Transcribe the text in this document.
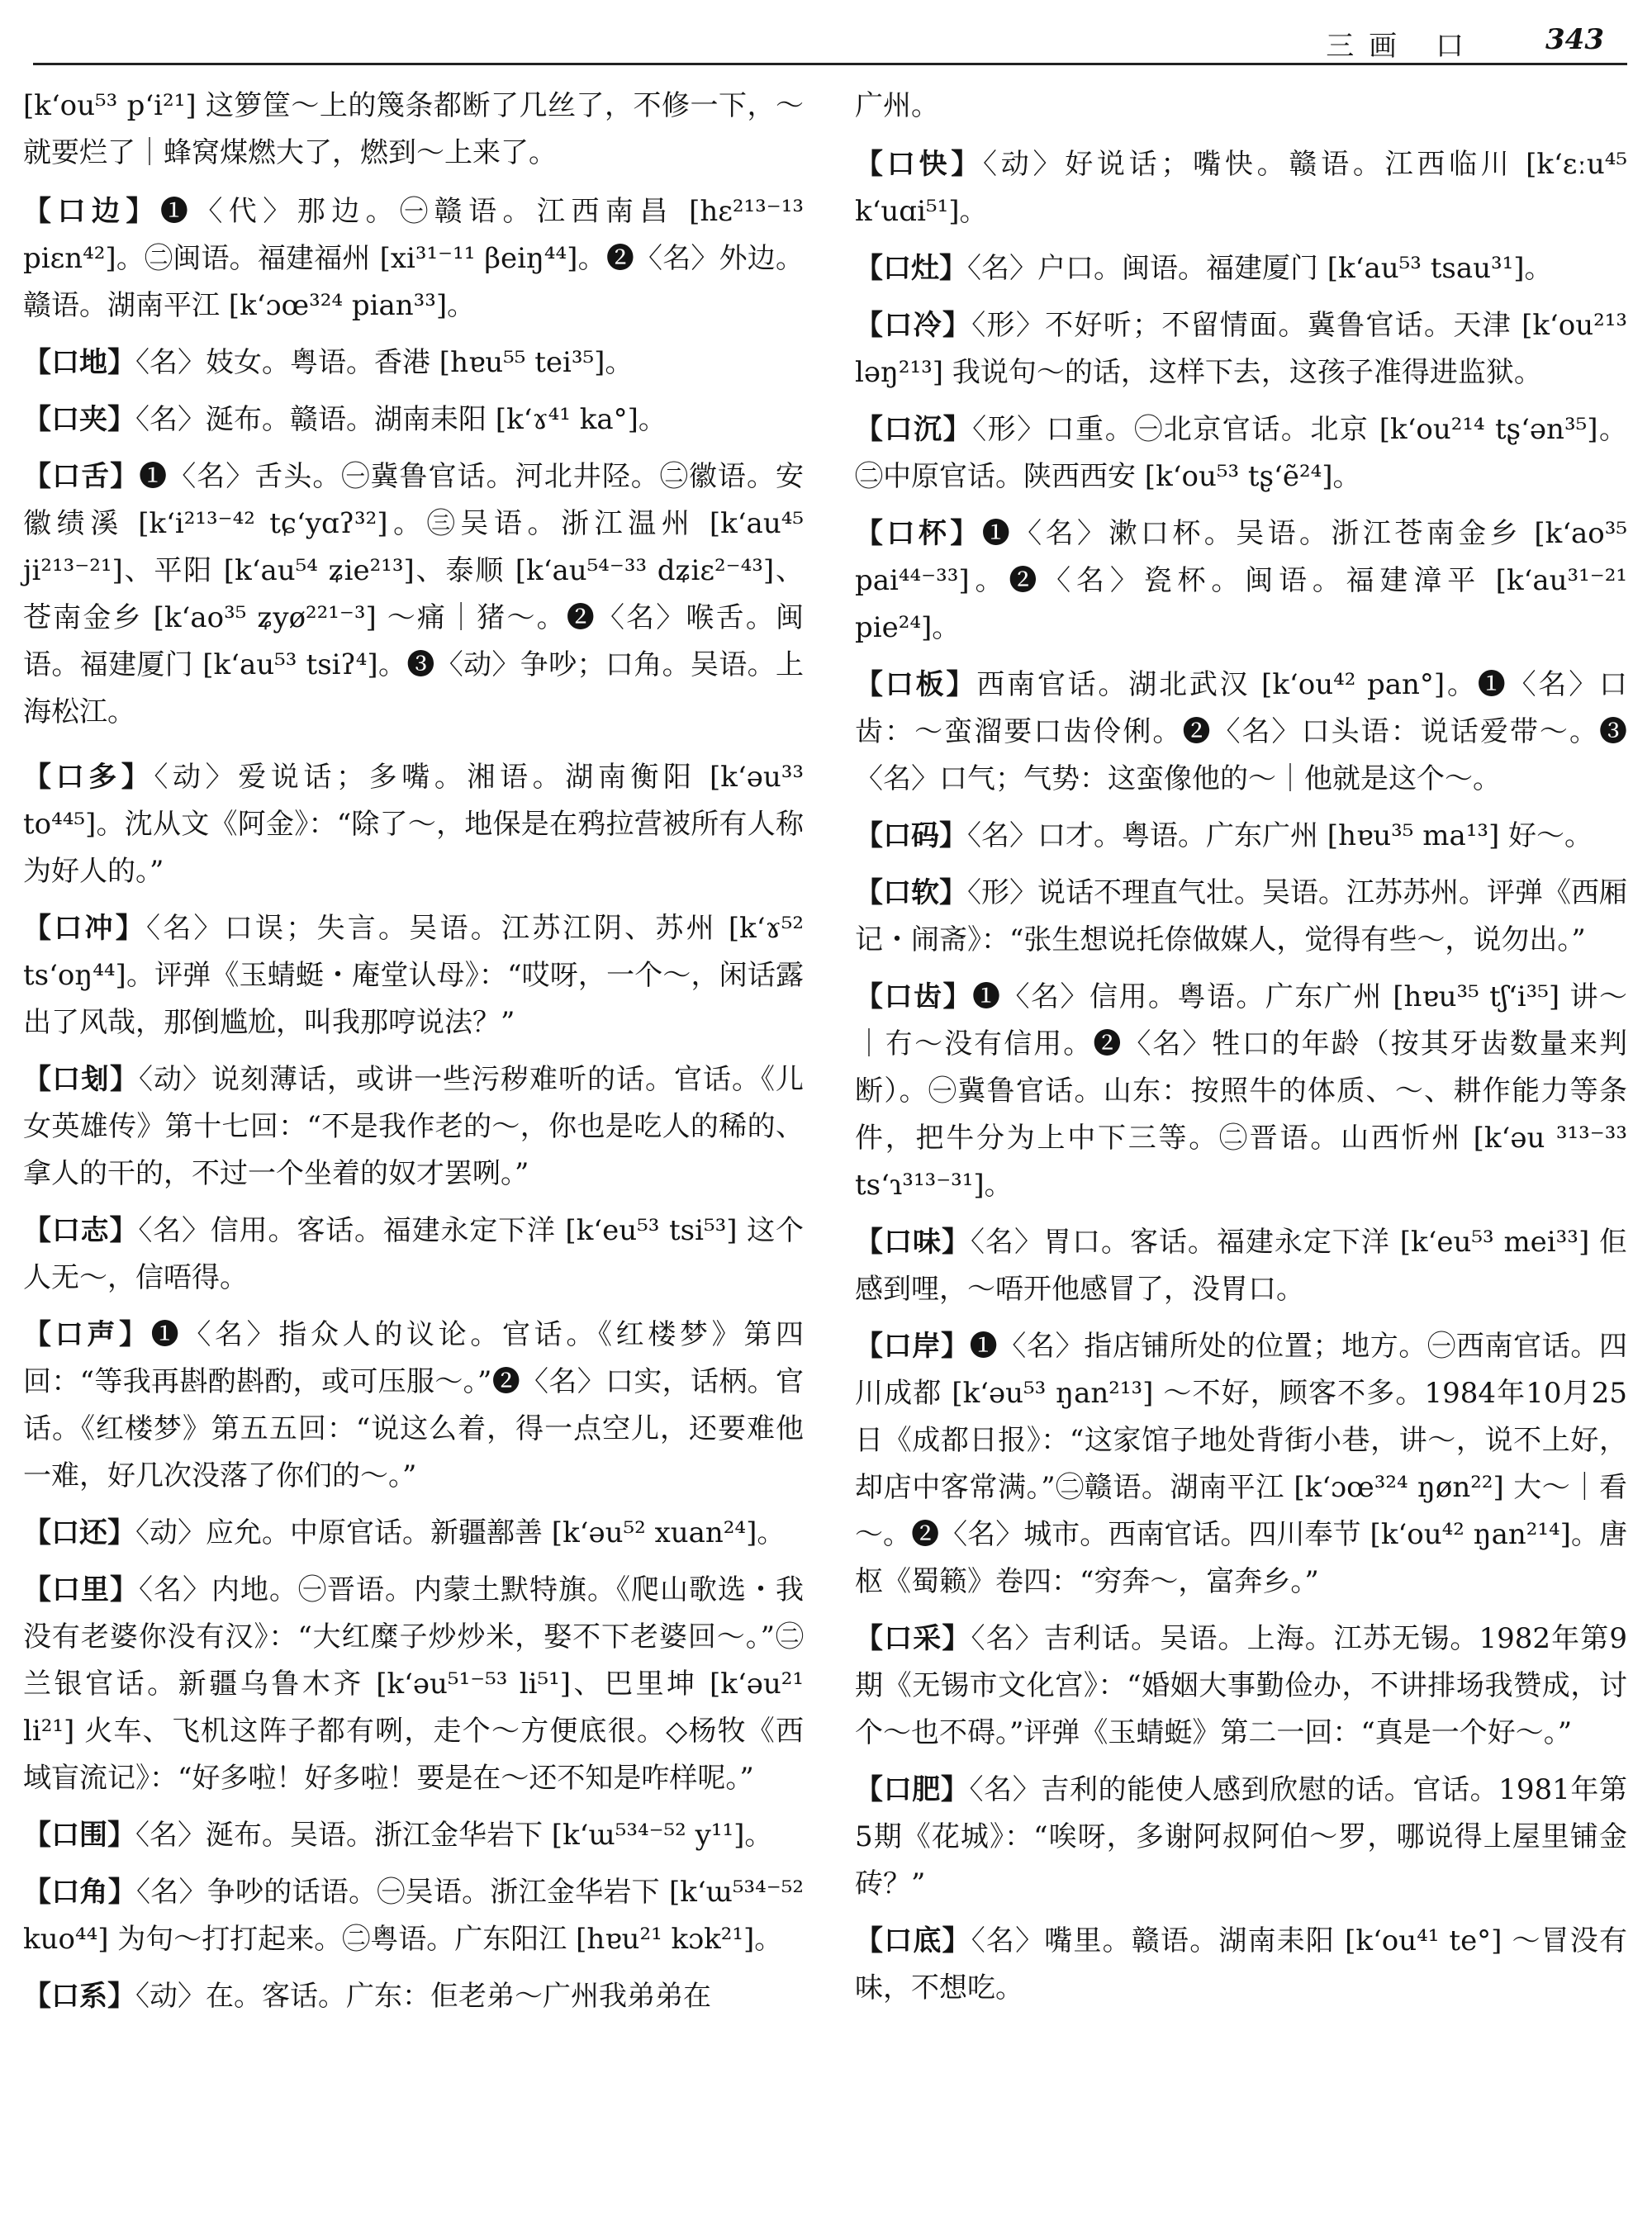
三画 口 343

[k‘ou⁵³ p‘i²¹] 这箩筐～上的篾条都断了几丝了，不修一下，～就要烂了｜蜂窝煤燃大了，燃到～上来了。

【口边】❶〈代〉那边。㊀赣语。江西南昌 [hɛ²¹³⁻¹³ piɛn⁴²]。㊁闽语。福建福州 [xi³¹⁻¹¹ βeiŋ⁴⁴]。❷〈名〉外边。赣语。湖南平江 [k‘ɔœ³²⁴ pian³³]。

【口地】〈名〉妓女。粤语。香港 [hɐu⁵⁵ tei³⁵]。

【口夹】〈名〉涎布。赣语。湖南耒阳 [k‘ɤ⁴¹ ka°]。

【口舌】❶〈名〉舌头。㊀冀鲁官话。河北井陉。㊁徽语。安徽绩溪 [k‘i²¹³⁻⁴² tɕ‘yɑʔ³²]。㊂吴语。浙江温州 [k‘au⁴⁵ ji²¹³⁻²¹]、平阳 [k‘au⁵⁴ ʑie²¹³]、泰顺 [k‘au⁵⁴⁻³³ dʑiɛ²⁻⁴³]、苍南金乡 [k‘ao³⁵ ʑyø²²¹⁻³] ～痛｜猪～。❷〈名〉喉舌。闽语。福建厦门 [k‘au⁵³ tsiʔ⁴]。❸〈动〉争吵；口角。吴语。上海松江。

【口多】〈动〉爱说话；多嘴。湘语。湖南衡阳 [k‘əu³³ to⁴⁴⁵]。沈从文《阿金》：“除了～，地保是在鸦拉营被所有人称为好人的。”

【口冲】〈名〉口误；失言。吴语。江苏江阴、苏州 [k‘ɤ⁵² ts‘oŋ⁴⁴]。评弹《玉蜻蜓・庵堂认母》：“哎呀，一个～，闲话露出了风哉，那倒尴尬，叫我那哼说法？”

【口刬】〈动〉说刻薄话，或讲一些污秽难听的话。官话。《儿女英雄传》第十七回：“不是我作老的～，你也是吃人的稀的、拿人的干的，不过一个坐着的奴才罢咧。”

【口志】〈名〉信用。客话。福建永定下洋 [k‘eu⁵³ tsi⁵³] 这个人无～，信唔得。

【口声】❶〈名〉指众人的议论。官话。《红楼梦》第四回：“等我再斟酌斟酌，或可压服～。”❷〈名〉口实，话柄。官话。《红楼梦》第五五回：“说这么着，得一点空儿，还要难他一难，好几次没落了你们的～。”

【口还】〈动〉应允。中原官话。新疆鄯善 [k‘əu⁵² xuan²⁴]。

【口里】〈名〉内地。㊀晋语。内蒙土默特旗。《爬山歌选・我没有老婆你没有汉》：“大红糜子炒炒米，娶不下老婆回～。”㊁兰银官话。新疆乌鲁木齐 [k‘əu⁵¹⁻⁵³ li⁵¹]、巴里坤 [k‘əu²¹ li²¹] 火车、飞机这阵子都有咧，走个～方便底很。◇杨牧《西域盲流记》：“好多啦！好多啦！要是在～还不知是咋样呢。”

【口围】〈名〉涎布。吴语。浙江金华岩下 [k‘ɯ⁵³⁴⁻⁵² y¹¹]。

【口角】〈名〉争吵的话语。㊀吴语。浙江金华岩下 [k‘ɯ⁵³⁴⁻⁵² kuo⁴⁴] 为句～打打起来。㊁粤语。广东阳江 [hɐu²¹ kɔk²¹]。

【口系】〈动〉在。客话。广东：佢老弟～广州我弟弟在

广州。

【口快】〈动〉好说话；嘴快。赣语。江西临川 [k‘ɛːu⁴⁵ k‘uɑi⁵¹]。

【口灶】〈名〉户口。闽语。福建厦门 [k‘au⁵³ tsau³¹]。

【口冷】〈形〉不好听；不留情面。冀鲁官话。天津 [k‘ou²¹³ ləŋ²¹³] 我说句～的话，这样下去，这孩子准得进监狱。

【口沉】〈形〉口重。㊀北京官话。北京 [k‘ou²¹⁴ tʂ‘ən³⁵]。㊁中原官话。陕西西安 [k‘ou⁵³ tʂ‘ẽ²⁴]。

【口杯】❶〈名〉漱口杯。吴语。浙江苍南金乡 [k‘ao³⁵ pai⁴⁴⁻³³]。❷〈名〉瓷杯。闽语。福建漳平 [k‘au³¹⁻²¹ pie²⁴]。

【口板】西南官话。湖北武汉 [k‘ou⁴² pan°]。❶〈名〉口齿：～蛮溜要口齿伶俐。❷〈名〉口头语：说话爱带～。❸〈名〉口气；气势：这蛮像他的～｜他就是这个～。

【口码】〈名〉口才。粤语。广东广州 [hɐu³⁵ ma¹³] 好～。

【口软】〈形〉说话不理直气壮。吴语。江苏苏州。评弹《西厢记・闹斋》：“张生想说托倷做媒人，觉得有些～，说勿出。”

【口齿】❶〈名〉信用。粤语。广东广州 [hɐu³⁵ tʃ‘i³⁵] 讲～｜冇～没有信用。❷〈名〉牲口的年龄（按其牙齿数量来判断）。㊀冀鲁官话。山东：按照牛的体质、～、耕作能力等条件，把牛分为上中下三等。㊁晋语。山西忻州 [k‘əu ³¹³⁻³³ ts‘ɿ³¹³⁻³¹]。

【口味】〈名〉胃口。客话。福建永定下洋 [k‘eu⁵³ mei³³] 佢感到哩，～唔开他感冒了，没胃口。

【口岸】❶〈名〉指店铺所处的位置；地方。㊀西南官话。四川成都 [k‘əu⁵³ ŋan²¹³] ～不好，顾客不多。1984年10月25日《成都日报》：“这家馆子地处背街小巷，讲～，说不上好，却店中客常满。”㊁赣语。湖南平江 [k‘ɔœ³²⁴ ŋøn²²] 大～｜看～。❷〈名〉城市。西南官话。四川奉节 [k‘ou⁴² ŋan²¹⁴]。唐枢《蜀籁》卷四：“穷奔～，富奔乡。”

【口采】〈名〉吉利话。吴语。上海。江苏无锡。1982年第9期《无锡市文化宫》：“婚姻大事勤俭办，不讲排场我赞成，讨个～也不碍。”评弹《玉蜻蜓》第二一回：“真是一个好～。”

【口肥】〈名〉吉利的能使人感到欣慰的话。官话。1981年第5期《花城》：“唉呀，多谢阿叔阿伯～罗，哪说得上屋里铺金砖？”

【口底】〈名〉嘴里。赣语。湖南耒阳 [k‘ou⁴¹ te°] ～冒没有味，不想吃。
